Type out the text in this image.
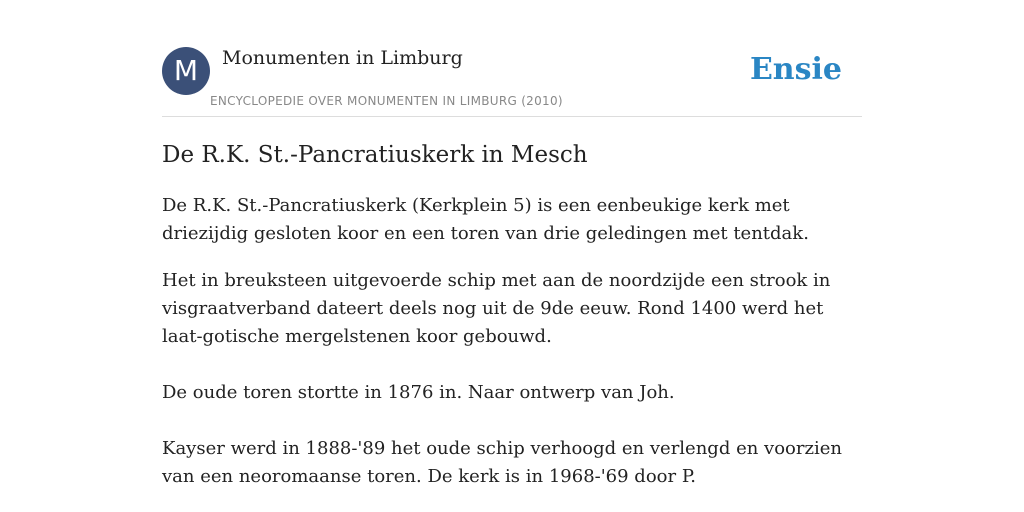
M	Monumenten in Limburg
ENCYCLOPEDIE OVER MONUMENTEN IN LIMBURG (2010)
Ensie
De R.K. St.-Pancratiuskerk in Mesch

De R.K. St.-Pancratiuskerk (Kerkplein 5) is een eenbeukige kerk met driezijdig gesloten koor en een toren van drie geledingen met tentdak.

Het in breuksteen uitgevoerde schip met aan de noordzijde een strook in visgraatverband dateert deels nog uit de 9de eeuw. Rond 1400 werd het laat-gotische mergelstenen koor gebouwd.

De oude toren stortte in 1876 in. Naar ontwerp van Joh.

Kayser werd in 1888-'89 het oude schip verhoogd en verlengd en voorzien van een neoromaanse toren. De kerk is in 1968-'69 door P.
